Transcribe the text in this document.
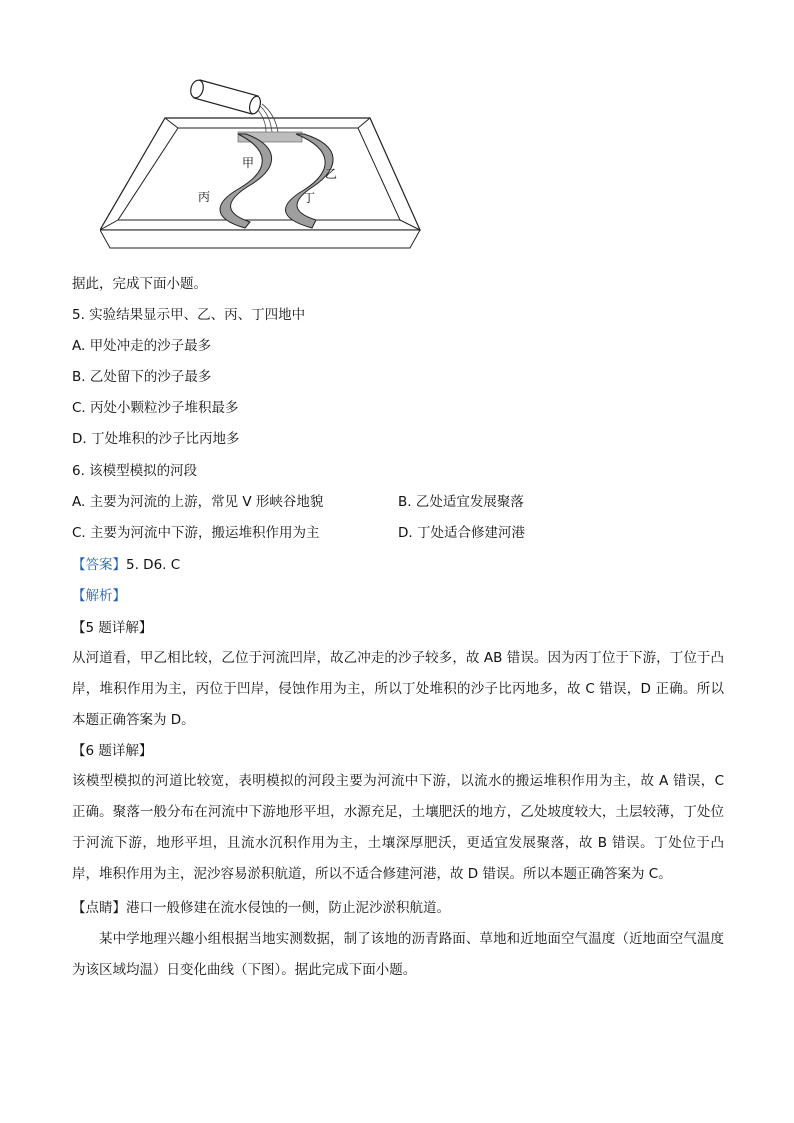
甲
乙
丙	丁
据此，完成下面小题。
5. 实验结果显示甲、乙、丙、丁四地中
A. 甲处冲走的沙子最多
B. 乙处留下的沙子最多
C. 丙处小颗粒沙子堆积最多
D. 丁处堆积的沙子比丙地多
6. 该模型模拟的河段
A. 主要为河流的上游，常见 V 形峡谷地貌	B. 乙处适宜发展聚落
C. 主要为河流中下游，搬运堆积作用为主	D. 丁处适合修建河港
【答案】5. D6. C
【解析】
【5 题详解】
从河道看，甲乙相比较，乙位于河流凹岸，故乙冲走的沙子较多，故 AB 错误。因为丙丁位于下游，丁位于凸岸，堆积作用为主，丙位于凹岸，侵蚀作用为主，所以丁处堆积的沙子比丙地多，故 C 错误，D 正确。所以本题正确答案为 D。
【6 题详解】
该模型模拟的河道比较宽，表明模拟的河段主要为河流中下游，以流水的搬运堆积作用为主，故 A 错误，C 正确。聚落一般分布在河流中下游地形平坦，水源充足，土壤肥沃的地方，乙处坡度较大，土层较薄，丁处位于河流下游，地形平坦，且流水沉积作用为主，土壤深厚肥沃，更适宜发展聚落，故 B 错误。丁处位于凸岸，堆积作用为主，泥沙容易淤积航道，所以不适合修建河港，故 D 错误。所以本题正确答案为 C。
【点睛】港口一般修建在流水侵蚀的一侧，防止泥沙淤积航道。
某中学地理兴趣小组根据当地实测数据，制了该地的沥青路面、草地和近地面空气温度（近地面空气温度为该区域均温）日变化曲线（下图）。据此完成下面小题。
